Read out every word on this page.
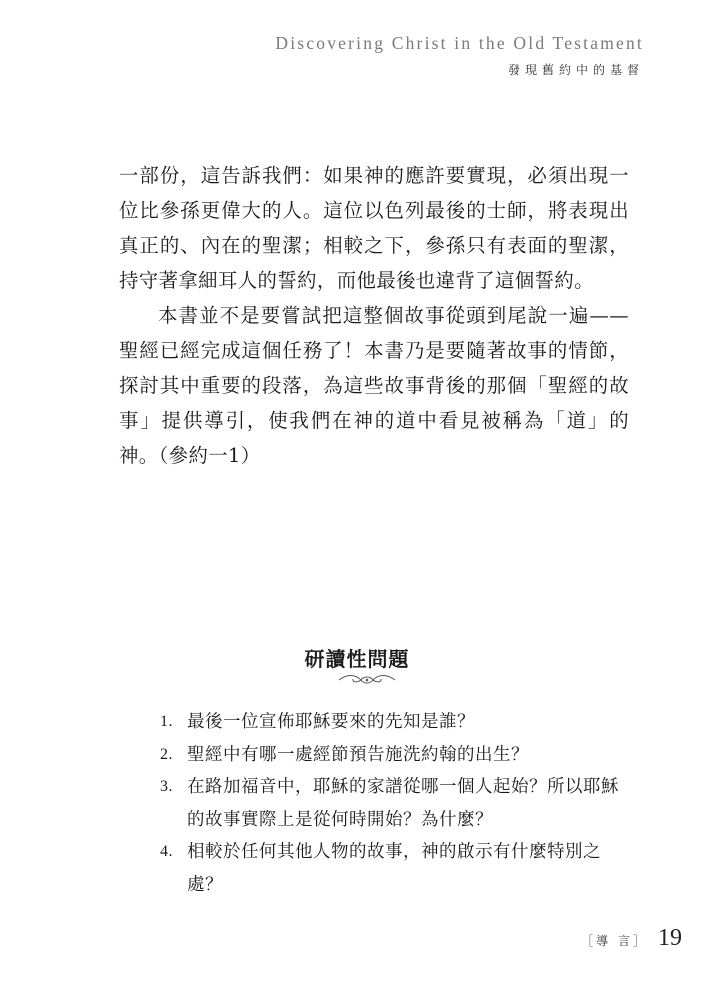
Discovering Christ in the Old Testament
發現舊約中的基督

一部份，這告訴我們：如果神的應許要實現，必須出現一位比參孫更偉大的人。這位以色列最後的士師，將表現出真正的、內在的聖潔；相較之下，參孫只有表面的聖潔，持守著拿細耳人的誓約，而他最後也違背了這個誓約。

本書並不是要嘗試把這整個故事從頭到尾說一遍——聖經已經完成這個任務了！本書乃是要隨著故事的情節，探討其中重要的段落，為這些故事背後的那個「聖經的故事」提供導引，使我們在神的道中看見被稱為「道」的神。（參約一1）

研讀性問題
1. 最後一位宣佈耶穌要來的先知是誰？
2. 聖經中有哪一處經節預告施洗約翰的出生？
3. 在路加福音中，耶穌的家譜從哪一個人起始？所以耶穌的故事實際上是從何時開始？為什麼？
4. 相較於任何其他人物的故事，神的啟示有什麼特別之處？
［導 言］ 19
